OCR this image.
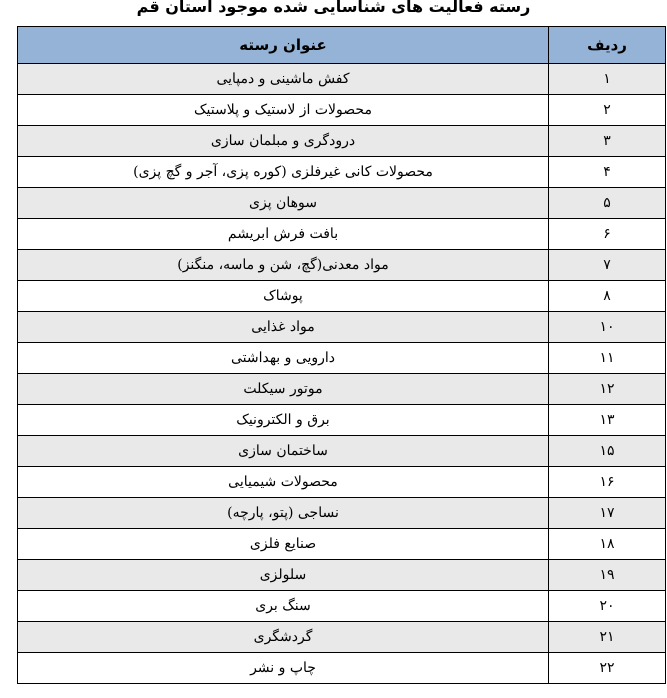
رسته فعالیت های شناسایی شده موجود استان قم
ردیف	عنوان رسته
۱	کفش ماشینی و دمپایی
۲	محصولات از لاستیک و پلاستیک
۳	درودگری و مبلمان سازی
۴	محصولات کانی غیرفلزی (کوره پزی، آجر و گچ پزی)
۵	سوهان پزی
۶	بافت فرش ابریشم
۷	مواد معدنی(گچ، شن و ماسه، منگنز)
۸	پوشاک
۱۰	مواد غذایی
۱۱	دارویی و بهداشتی
۱۲	موتور سیکلت
۱۳	برق و الکترونیک
۱۵	ساختمان سازی
۱۶	محصولات شیمیایی
۱۷	نساجی (پتو، پارچه)
۱۸	صنایع فلزی
۱۹	سلولزی
۲۰	سنگ بری
۲۱	گردشگری
۲۲	چاپ و نشر
